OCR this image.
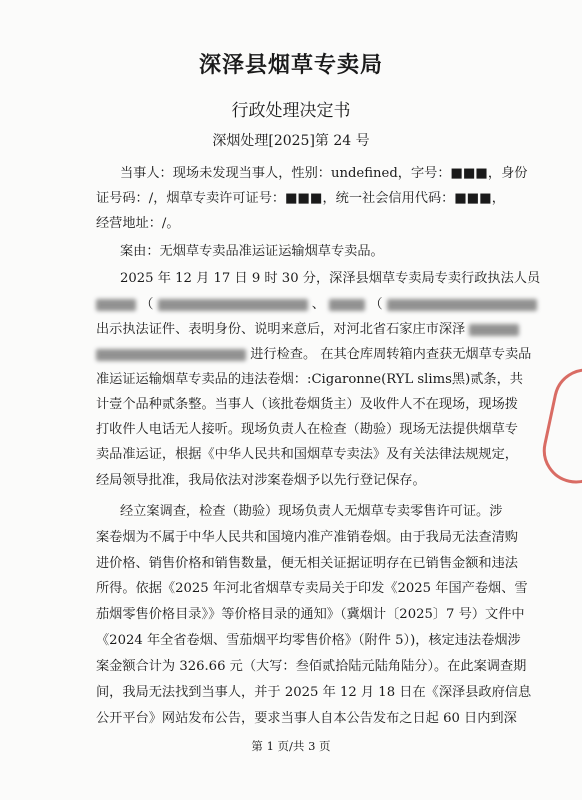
深泽县烟草专卖局
行政处理决定书
深烟处理[2025]第 24 号
当事人：现场未发现当事人，性别：undefined，字号：■■■，身份
证号码：/，烟草专卖许可证号：■■■，统一社会信用代码：■■■，
经营地址：/。
案由：无烟草专卖品准运证运输烟草专卖品。
2025 年 12 月 17 日 9 时 30 分，深泽县烟草专卖局专卖行政执法人员
（	、	（
出示执法证件、表明身份、说明来意后，对河北省石家庄市深泽
进行检查。 在其仓库周转箱内查获无烟草专卖品
准运证运输烟草专卖品的违法卷烟：:Cigaronne(RYL slims黑)贰条，共
计壹个品种贰条整。当事人（该批卷烟货主）及收件人不在现场，现场拨
打收件人电话无人接听。现场负责人在检查（勘验）现场无法提供烟草专
卖品准运证，根据《中华人民共和国烟草专卖法》及有关法律法规规定，
经局领导批准，我局依法对涉案卷烟予以先行登记保存。
经立案调查，检查（勘验）现场负责人无烟草专卖零售许可证。涉
案卷烟为不属于中华人民共和国境内准产准销卷烟。由于我局无法查清购
进价格、销售价格和销售数量，便无相关证据证明存在已销售金额和违法
所得。依据《2025 年河北省烟草专卖局关于印发《2025 年国产卷烟、雪
茄烟零售价格目录》》等价格目录的通知》（冀烟计〔2025〕7 号）文件中
《2024 年全省卷烟、雪茄烟平均零售价格》（附件 5）)，核定违法卷烟涉
案金额合计为 326.66 元（大写：叁佰贰拾陆元陆角陆分）。在此案调查期
间，我局无法找到当事人，并于 2025 年 12 月 18 日在《深泽县政府信息
公开平台》网站发布公告，要求当事人自本公告发布之日起 60 日内到深
第 1 页/共 3 页
